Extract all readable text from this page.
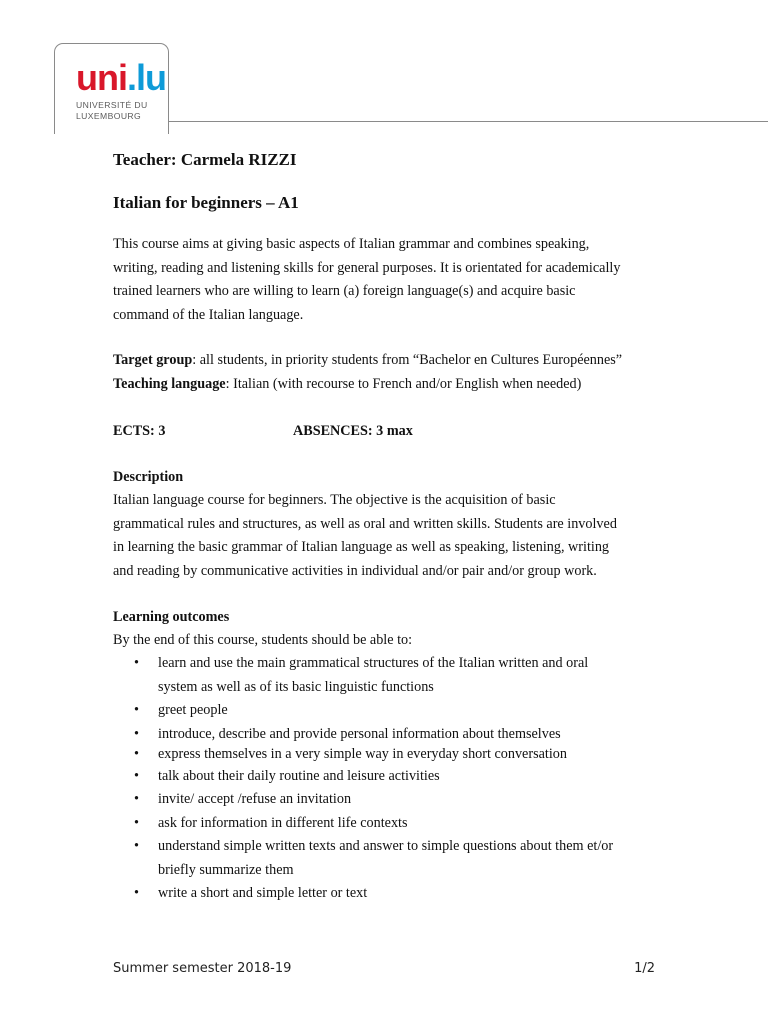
uni.lu
UNIVERSITÉ DU
LUXEMBOURG
Teacher: Carmela RIZZI
Italian for beginners – A1
This course aims at giving basic aspects of Italian grammar and combines speaking,
writing, reading and listening skills for general purposes. It is orientated for academically
trained learners who are willing to learn (a) foreign language(s) and acquire basic
command of the Italian language.
Target group: all students, in priority students from “Bachelor en Cultures Européennes”
Teaching language: Italian (with recourse to French and/or English when needed)
ECTS: 3	ABSENCES: 3 max
Description
Italian language course for beginners. The objective is the acquisition of basic
grammatical rules and structures, as well as oral and written skills. Students are involved
in learning the basic grammar of Italian language as well as speaking, listening, writing
and reading by communicative activities in individual and/or pair and/or group work.
Learning outcomes
By the end of this course, students should be able to:
• learn and use the main grammatical structures of the Italian written and oral
system as well as of its basic linguistic functions
• greet people
• introduce, describe and provide personal information about themselves
• express themselves in a very simple way in everyday short conversation
• talk about their daily routine and leisure activities
• invite/ accept /refuse an invitation
• ask for information in different life contexts
• understand simple written texts and answer to simple questions about them et/or
briefly summarize them
• write a short and simple letter or text
Summer semester 2018-19	1/2
